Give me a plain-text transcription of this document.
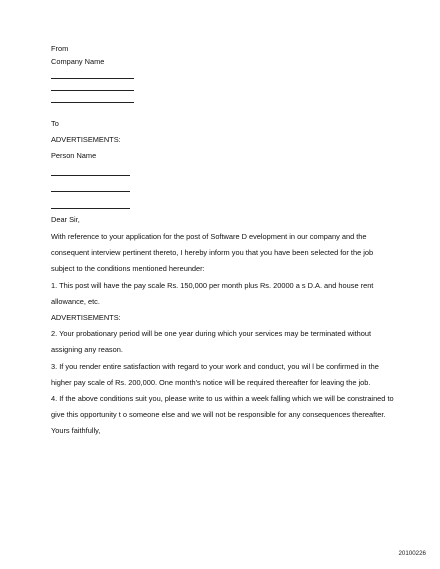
From
Company Name
To
ADVERTISEMENTS:
Person Name
Dear Sir,
With reference to your application for the post of Software D evelopment in our company and the
consequent interview pertinent thereto, I hereby inform you that you have been selected for the job
subject to the conditions mentioned hereunder:
1. This post will have the pay scale Rs. 150,000 per month plus Rs. 20000 a s D.A. and house rent
allowance, etc.
ADVERTISEMENTS:
2. Your probationary period will be one year during which your services may be terminated without
assigning any reason.
3. If you render entire satisfaction with regard to your work and conduct, you wil l be confirmed in the
higher pay scale of Rs. 200,000. One month's notice will be required thereafter for leaving the job.
4. If the above conditions suit you, please write to us within a week falling which we will be constrained to
give this opportunity t o someone else and we will not be responsible for any consequences thereafter.
Yours faithfully,
20100226
